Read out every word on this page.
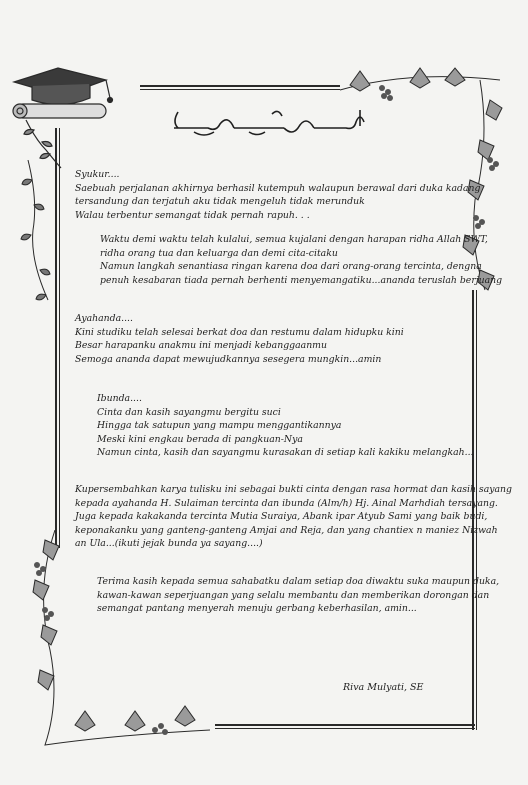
Syukur....
Saebuah perjalanan akhirnya berhasil kutempuh walaupun berawal dari duka kadang
tersandung dan terjatuh aku tidak mengeluh tidak merunduk
Walau terbentur semangat tidak pernah rapuh. . .
Waktu demi waktu telah kulalui, semua kujalani dengan harapan ridha Allah SWT,
ridha orang tua dan keluarga dan demi cita-citaku
Namun langkah senantiasa ringan karena doa dari orang-orang tercinta, dengna
penuh kesabaran tiada pernah berhenti menyemangatiku...ananda teruslah berjuang
Ayahanda....
Kini studiku telah selesai berkat doa dan restumu dalam hidupku kini
Besar harapanku anakmu ini menjadi kebanggaanmu
Semoga ananda dapat mewujudkannya sesegera mungkin...amin
Ibunda....
Cinta dan kasih sayangmu bergitu suci
Hingga tak satupun yang mampu menggantikannya
Meski kini engkau berada di pangkuan-Nya
Namun cinta, kasih dan sayangmu kurasakan di setiap kali kakiku melangkah...
Kupersembahkan karya tulisku ini sebagai bukti cinta dengan rasa hormat dan kasih sayang
kepada ayahanda H. Sulaiman tercinta dan ibunda (Alm/h) Hj. Ainal Marhdiah tersayang.
Juga kepada kakakanda tercinta Mutia Suraiya, Abank ipar Atyub Sami yang baik budi,
keponakanku yang ganteng-ganteng Amjai and Reja, dan yang chantiex n maniez Nizwah
an Ula...(ikuti jejak bunda ya sayang....)
Terima kasih kepada semua sahabatku dalam setiap doa diwaktu suka maupun duka,
kawan-kawan seperjuangan yang selalu membantu dan memberikan dorongan dan
semangat pantang menyerah menuju gerbang keberhasilan, amin...
Riva Mulyati, SE
